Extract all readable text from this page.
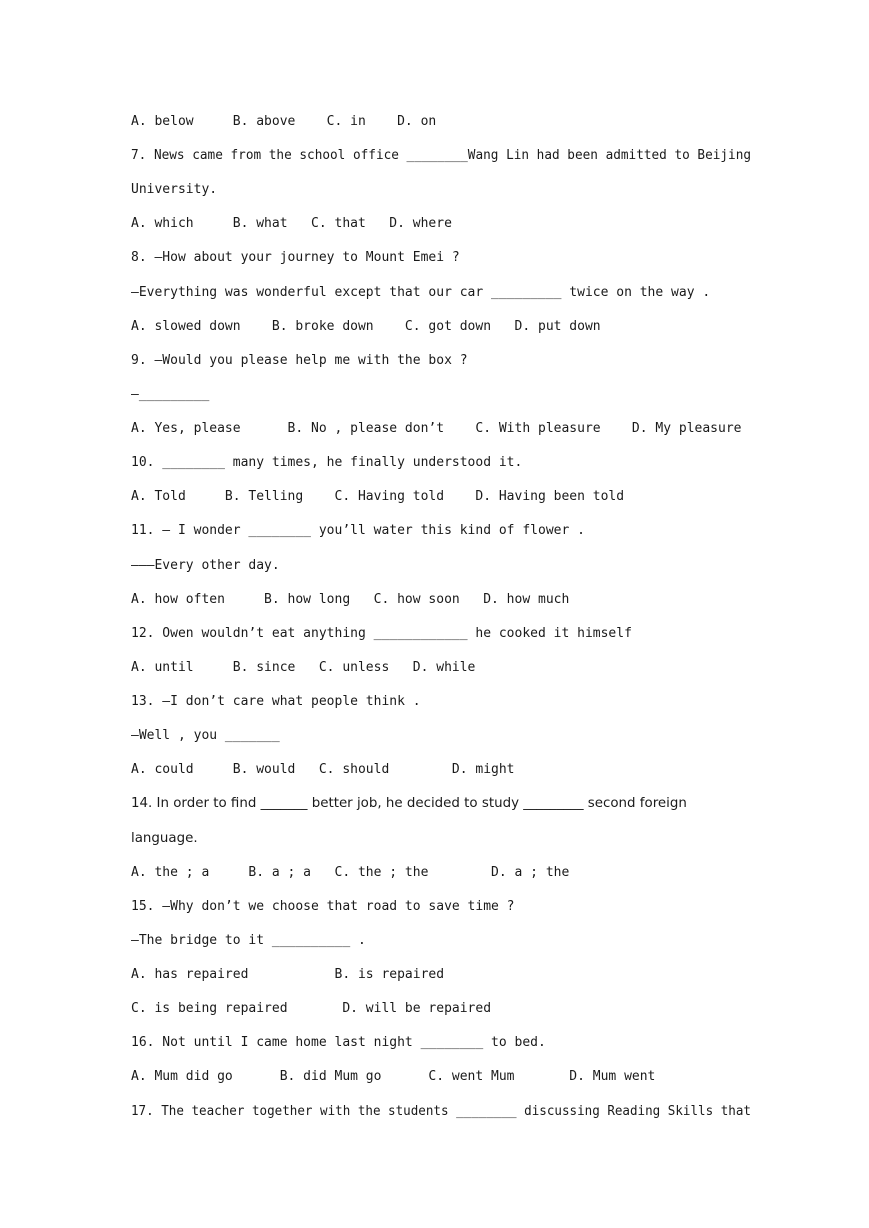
A. below     B. above    C. in    D. on

7. News came from the school office ________Wang Lin had been admitted to Beijing

University.

A. which     B. what   C. that   D. where

8. —How about your journey to Mount Emei ?

—Everything was wonderful except that our car _________ twice on the way .

A. slowed down    B. broke down    C. got down   D. put down

9. —Would you please help me with the box ?

—_________

A. Yes, please      B. No , please don’t    C. With pleasure    D. My pleasure

10. ________ many times, he finally understood it.

A. Told     B. Telling    C. Having told    D. Having been told

11. — I wonder ________ you’ll water this kind of flower .

———Every other day.

A. how often     B. how long   C. how soon   D. how much

12. Owen wouldn’t eat anything ____________ he cooked it himself

A. until     B. since   C. unless   D. while

13. —I don’t care what people think .

—Well , you _______

A. could     B. would   C. should        D. might

14. In order to find _______ better job, he decided to study _________ second foreign

language.

A. the ; a     B. a ; a   C. the ; the        D. a ; the

15. —Why don’t we choose that road to save time ?

—The bridge to it __________ .

A. has repaired           B. is repaired

C. is being repaired       D. will be repaired

16. Not until I came home last night ________ to bed.

A. Mum did go      B. did Mum go      C. went Mum       D. Mum went

17. The teacher together with the students ________ discussing Reading Skills that
